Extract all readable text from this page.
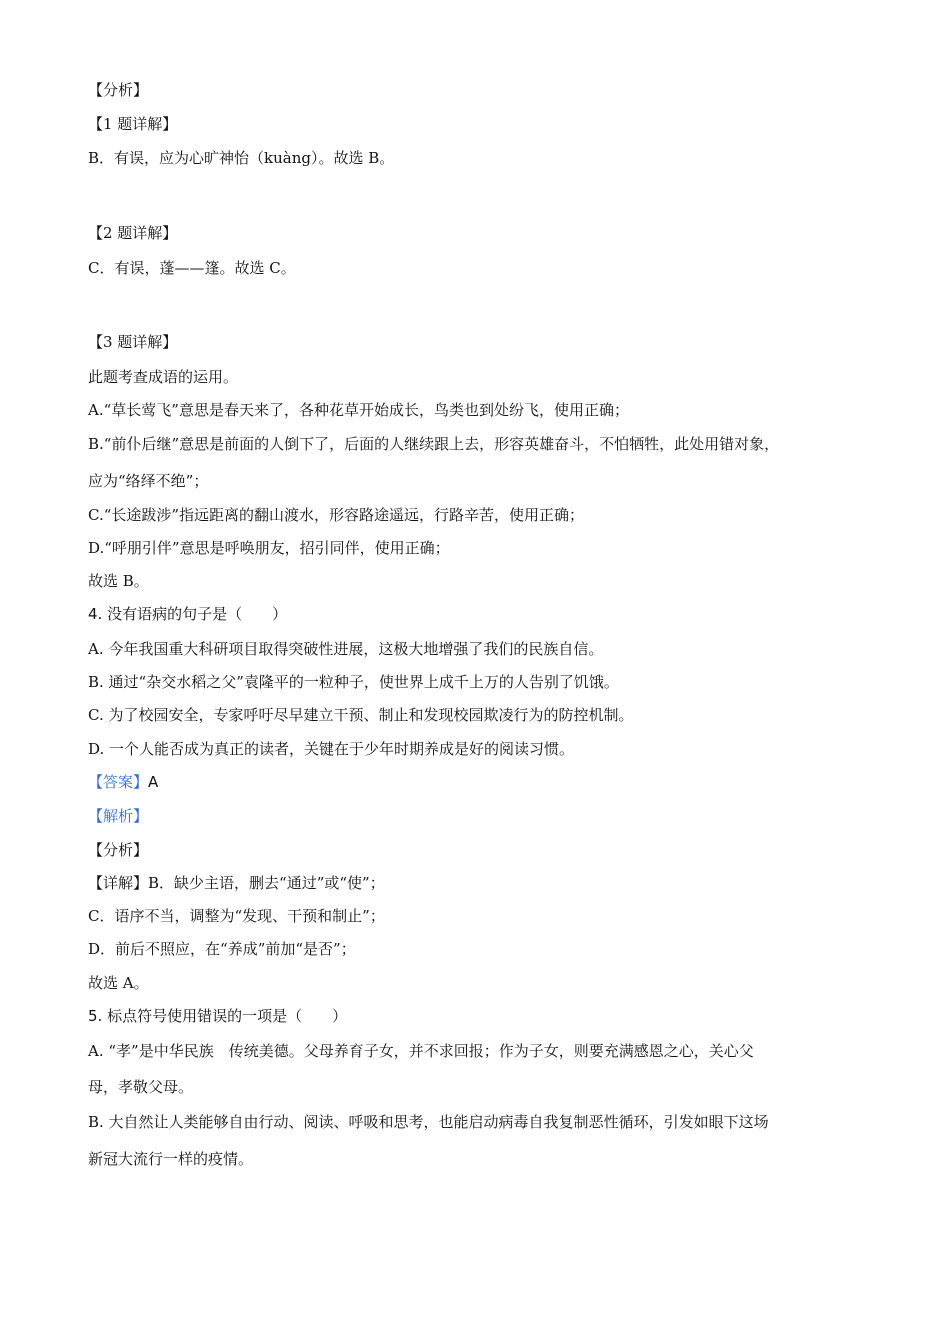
【分析】
【1 题详解】
B．有误，应为心旷神怡（kuàng）。故选 B。
【2 题详解】
C．有误，蓬——篷。故选 C。
【3 题详解】
此题考查成语的运用。
A.“草长莺飞”意思是春天来了，各种花草开始成长，鸟类也到处纷飞，使用正确；
B.“前仆后继”意思是前面的人倒下了，后面的人继续跟上去，形容英雄奋斗，不怕牺牲，此处用错对象，
应为“络绎不绝”；
C.“长途跋涉”指远距离的翻山渡水，形容路途遥远，行路辛苦，使用正确；
D.“呼朋引伴”意思是呼唤朋友，招引同伴，使用正确；
故选 B。
4. 没有语病的句子是（　　）
A. 今年我国重大科研项目取得突破性进展，这极大地增强了我们的民族自信。
B. 通过“杂交水稻之父”袁隆平的一粒种子，使世界上成千上万的人告别了饥饿。
C. 为了校园安全，专家呼吁尽早建立干预、制止和发现校园欺凌行为的防控机制。
D. 一个人能否成为真正的读者，关键在于少年时期养成是好的阅读习惯。
【答案】A
【解析】
【分析】
【详解】B．缺少主语，删去“通过”或“使”；
C．语序不当，调整为“发现、干预和制止”；
D．前后不照应，在“养成”前加“是否”；
故选 A。
5. 标点符号使用错误的一项是（　　）
A. “孝”是中华民族　传统美德。父母养育子女，并不求回报；作为子女，则要充满感恩之心，关心父
母，孝敬父母。
B. 大自然让人类能够自由行动、阅读、呼吸和思考，也能启动病毒自我复制恶性循环，引发如眼下这场
新冠大流行一样的疫情。
